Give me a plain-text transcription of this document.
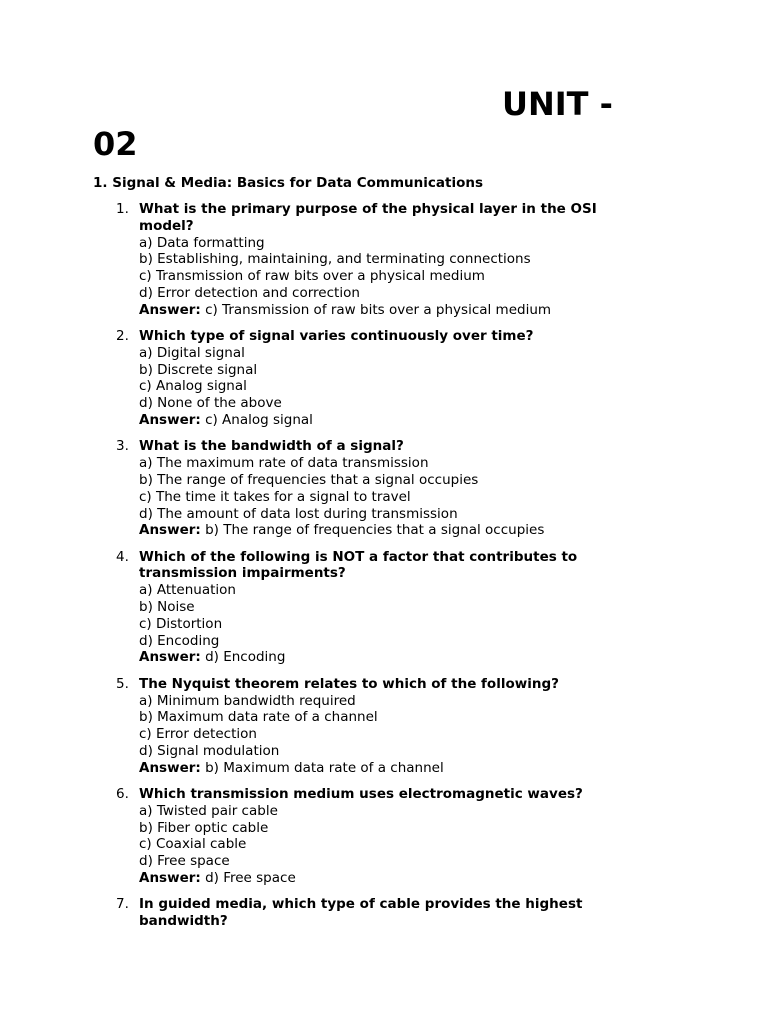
UNIT -
02
1. Signal & Media: Basics for Data Communications
1. What is the primary purpose of the physical layer in the OSI model?
a) Data formatting
b) Establishing, maintaining, and terminating connections
c) Transmission of raw bits over a physical medium
d) Error detection and correction
Answer: c) Transmission of raw bits over a physical medium
2. Which type of signal varies continuously over time?
a) Digital signal
b) Discrete signal
c) Analog signal
d) None of the above
Answer: c) Analog signal
3. What is the bandwidth of a signal?
a) The maximum rate of data transmission
b) The range of frequencies that a signal occupies
c) The time it takes for a signal to travel
d) The amount of data lost during transmission
Answer: b) The range of frequencies that a signal occupies
4. Which of the following is NOT a factor that contributes to transmission impairments?
a) Attenuation
b) Noise
c) Distortion
d) Encoding
Answer: d) Encoding
5. The Nyquist theorem relates to which of the following?
a) Minimum bandwidth required
b) Maximum data rate of a channel
c) Error detection
d) Signal modulation
Answer: b) Maximum data rate of a channel
6. Which transmission medium uses electromagnetic waves?
a) Twisted pair cable
b) Fiber optic cable
c) Coaxial cable
d) Free space
Answer: d) Free space
7. In guided media, which type of cable provides the highest bandwidth?
